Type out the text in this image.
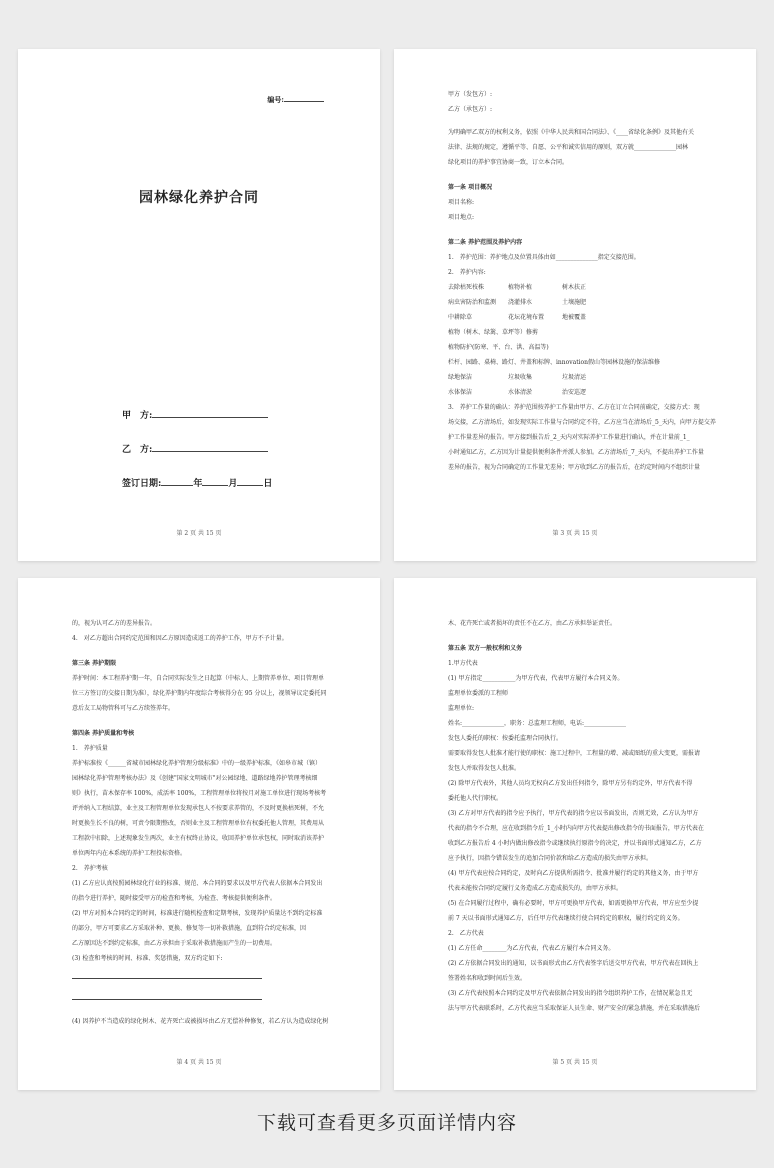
编号:
园林绿化养护合同
甲　方:
乙　方:
签订日期:	年	月	日
第 2 页 共 15 页
甲方（发包方）:
乙方（承包方）:
为明确甲乙双方的权利义务，依照《中华人民共和国合同法》、《____省绿化条例》及其他有关
法律、法规的规定，遵循平等、自愿、公平和诚实信用的原则，双方就______________园林
绿化项目的养护事宜协商一致，订立本合同。
第一条 项目概况
项目名称:
项目地点:
第二条 养护范围及养护内容
1.　养护范围：养护地点及位置具体由如______________指定交接范围。
2.　养护内容:
去除枯死枝株	植物补植	树木扶正
病虫害防治和监测	浇灌排水	土壤施肥
中耕除草	花坛花境布置	地被覆盖
植物（树木、绿篱、草坪等）修剪
植物防护(防寒、平、台、洪、高温等)
栏杆、园路、桌椅、路灯、井盖和标牌、innovation假山等园林设施的保洁维修
绿地保洁	垃圾收集	垃圾清运
水体保洁	水体清淤	治安巡逻
3.　养护工作量的确认：养护范围按养护工作量由甲方、乙方在订立合同前确定，交接方式：现
场交接，乙方清场后，如发现实际工作量与合同约定不符，乙方应当在清场后_5_天内，向甲方提交养
护工作量差异的报告。甲方接到报告后_2_天内对实际养护工作量进行确认，并在计量前_1_
小时通知乙方，乙方因为计量提供便利条件并派人参加。乙方清场后_7_天内，不提出养护工作量
差异的报告，视为合同确定的工作量无差异；甲方收到乙方的报告后，在约定时间内不组织计量
第 3 页 共 15 页
的，视为认可乙方的差异报告。
4.　对乙方超出合同约定范围和因乙方原因造成返工的养护工作，甲方不予计量。
第三条 养护期限
养护时间：本工程养护期一年，自合同实际发生之日起算（中标人、上期管养单位、项目管理单
位三方签订的交接日期为准），绿化养护期内年度综合考核得分在 95 分以上，视领导议定委托同
意后友工局物管科可与乙方续签养年。
第四条 养护质量和考核
1.　养护质量
养护标准按《______省城市园林绿化养护管理分级标准》中的一级养护标准，《如皋市城（镇）
园林绿化养护管理考核办法》及《创建"国家文明城市"对公园绿地、道路绿地养护管理考核细
则》执行，苗木保存率 100%，成活率 100%，工程管理单位将按月对施工单位进行现场考核考
评并纳入工程结算，业主及工程管理单位发现承包人不按要求养管的，不及时更换枯死树，不允
时更换生长不良的树，可责令限期整改，否则业主及工程管理单位有权委托他人管理，其费用从
工程款中扣除，上述现象发生两次，业主有权终止协议，收回养护单位承包权，同时取消该养护
单位两年内在本系统的养护工程投标资格。
2.　养护考核
(1) 乙方应认真按照园林绿化行业的标准、规范、本合同的要求以及甲方代表人依据本合同发出
的指令进行养护，随时接受甲方的检查和考核，为检查、考核提供便利条件。
(2) 甲方对照本合同约定的时间，标准进行随机检查和定期考核，发现养护质量达不到约定标准
的部分，甲方可要求乙方采取补种、更换、修复等一切补救措施，直到符合约定标准，因
乙方原因达不到约定标准，由乙方承担由于采取补救措施而产生的一切费用。
(3) 检查和考核的时间、标准、奖惩措施，双方约定如下:
(4) 因养护不当造成的绿化树木、花卉死亡或被损坏由乙方无偿补种修复，若乙方认为造成绿化树
第 4 页 共 15 页
木、花卉死亡或者损坏的责任不在乙方，由乙方承担举证责任。
第五条 双方一般权利和义务
1.甲方代表
(1) 甲方指定___________为甲方代表，代表甲方履行本合同义务。
监理单位委派的工程师
监理单位:
姓名:______________，职务：总监理工程师，电话:______________
发包人委托的职权：按委托监理合同执行。
需要取得发包人批准才能行使的职权：施工过程中，工程量的增、减或图纸的重大变更，需报请
发包人并取得发包人批准。
(2) 除甲方代表外，其他人员均无权向乙方发出任何指令，除甲方另有约定外，甲方代表不得
委托他人代行职权。
(3) 乙方对甲方代表的指令应予执行，甲方代表的指令应以书面发出，否则无效，乙方认为甲方
代表的指令不合理，应在收到指令后_1_小时内向甲方代表提出修改指令的书面报告，甲方代表在
收到乙方报告后 4 小时内做出修改指令或继续执行原指令的决定，并以书面形式通知乙方，乙方
应予执行，因指令错误发生的追加合同价款和给乙方造成的损失由甲方承担。
(4) 甲方代表应按合同约定，及时向乙方提供所需指令、批准并履行约定的其他义务，由于甲方
代表未能按合同约定履行义务造成乙方造成损失的，由甲方承担。
(5) 在合同履行过程中，确有必要时，甲方可更换甲方代表，如需更换甲方代表，甲方应至少提
前 7 天以书面形式通知乙方，后任甲方代表继续行使合同约定的职权，履行约定的义务。
2.　乙方代表
(1) 乙方任命________为乙方代表，代表乙方履行本合同义务。
(2) 乙方依据合同发出的通知，以书面形式由乙方代表签字后送交甲方代表，甲方代表在回执上
签署姓名和收到时间后生效。
(3) 乙方代表按照本合同约定及甲方代表依据合同发出的指令组织养护工作，在情况紧急且无
法与甲方代表联系时，乙方代表应当采取保证人员生命、财产安全的紧急措施，并在采取措施后
第 5 页 共 15 页
下载可查看更多页面详情内容
